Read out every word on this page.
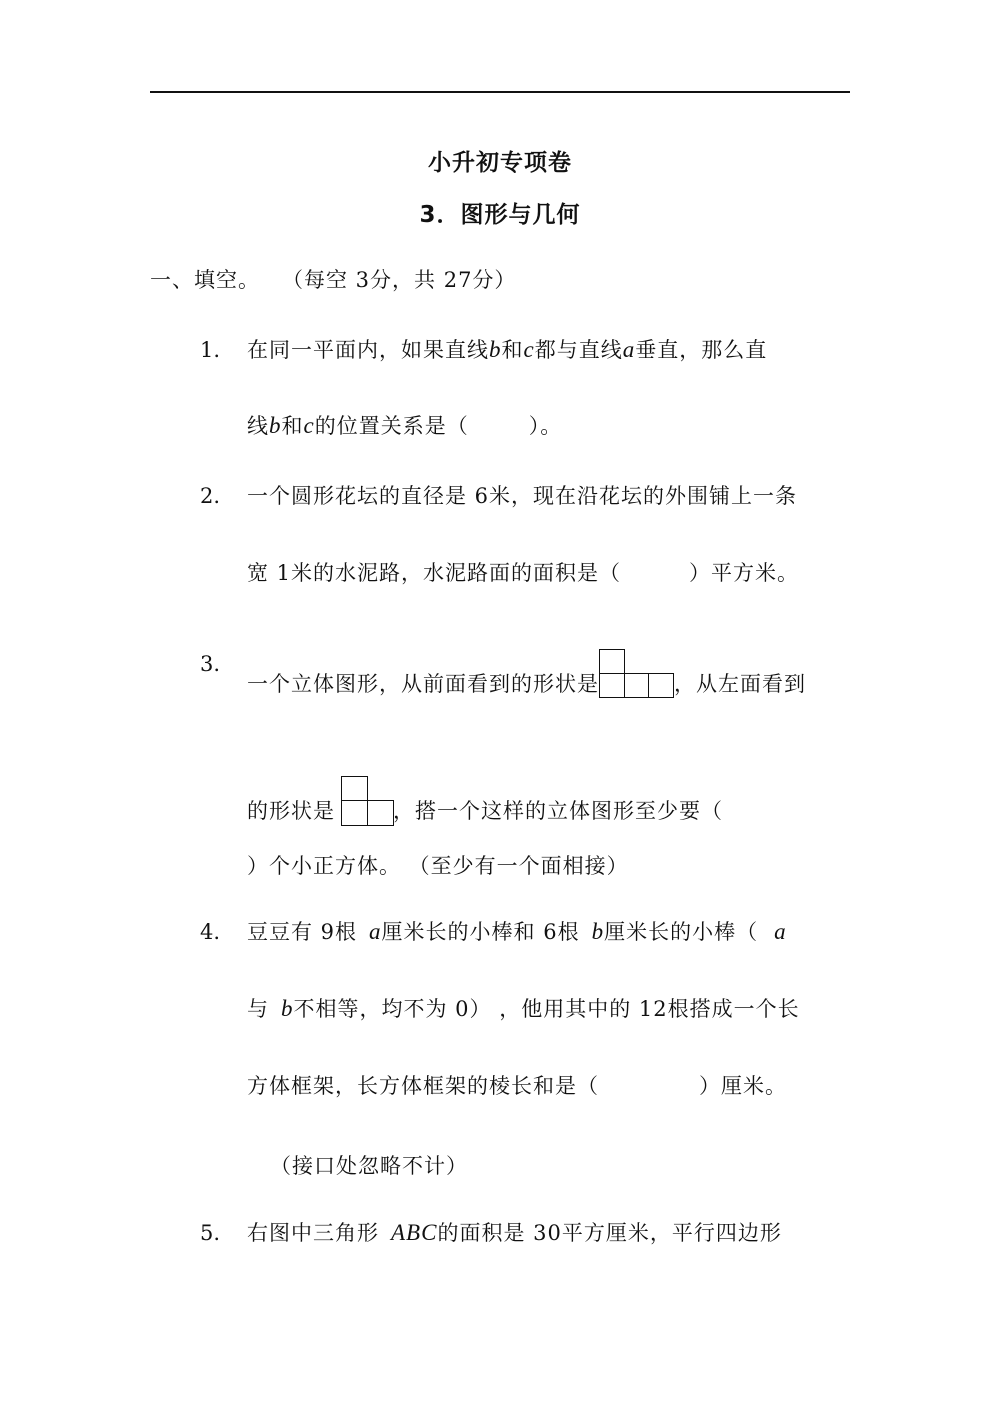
小升初专项卷
3．图形与几何
一、填空。 （每空 3分，共 27分）
1. 在同一平面内，如果直线b和c都与直线a垂直，那么直
线b和c的位置关系是（	）。
2. 一个圆形花坛的直径是 6米，现在沿花坛的外围铺上一条
宽 1米的水泥路，水泥路面的面积是（	）平方米。
3.
一个立体图形，从前面看到的形状是	，从左面看到
的形状是	，搭一个这样的立体图形至少要（
）个小正方体。 （至少有一个面相接）
4. 豆豆有 9根 a厘米长的小棒和 6根 b厘米长的小棒（ a
与 b不相等，均不为 0） ，他用其中的 12根搭成一个长
方体框架，长方体框架的棱长和是（	）厘米。
（接口处忽略不计）
5. 右图中三角形 ABC的面积是 30平方厘米，平行四边形
